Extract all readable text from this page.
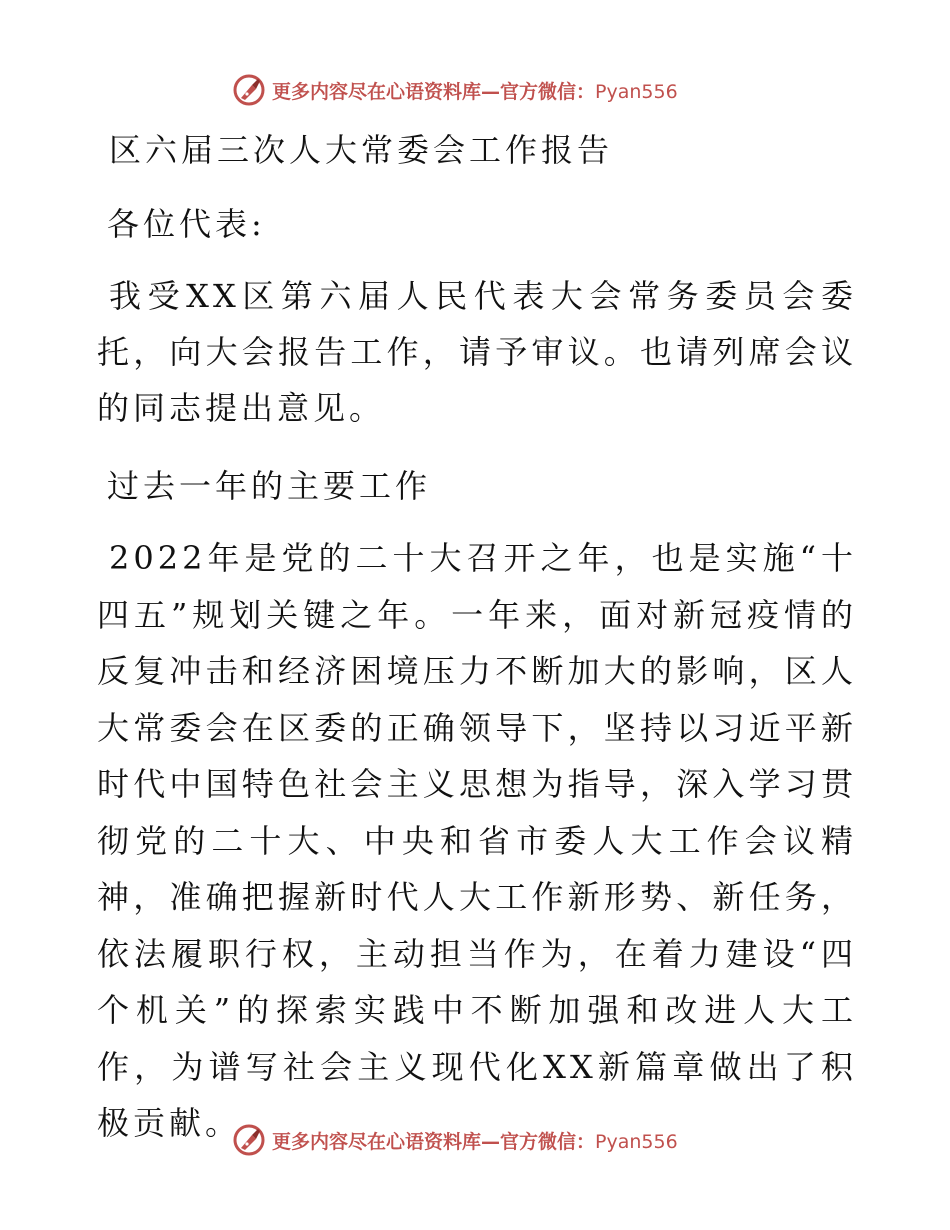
更多内容尽在心语资料库—官方微信：Pyan556

区六届三次人大常委会工作报告

各位代表:

我受XX区第六届人民代表大会常务委员会委托，向大会报告工作，请予审议。也请列席会议的同志提出意见。

过去一年的主要工作

2022年是党的二十大召开之年，也是实施“十四五”规划关键之年。一年来，面对新冠疫情的反复冲击和经济困境压力不断加大的影响，区人大常委会在区委的正确领导下，坚持以习近平新时代中国特色社会主义思想为指导，深入学习贯彻党的二十大、中央和省市委人大工作会议精神，准确把握新时代人大工作新形势、新任务，依法履职行权，主动担当作为，在着力建设“四个机关”的探索实践中不断加强和改进人大工作，为谱写社会主义现代化XX新篇章做出了积极贡献。	更多内容尽在心语资料库—官方微信：Pyan556
